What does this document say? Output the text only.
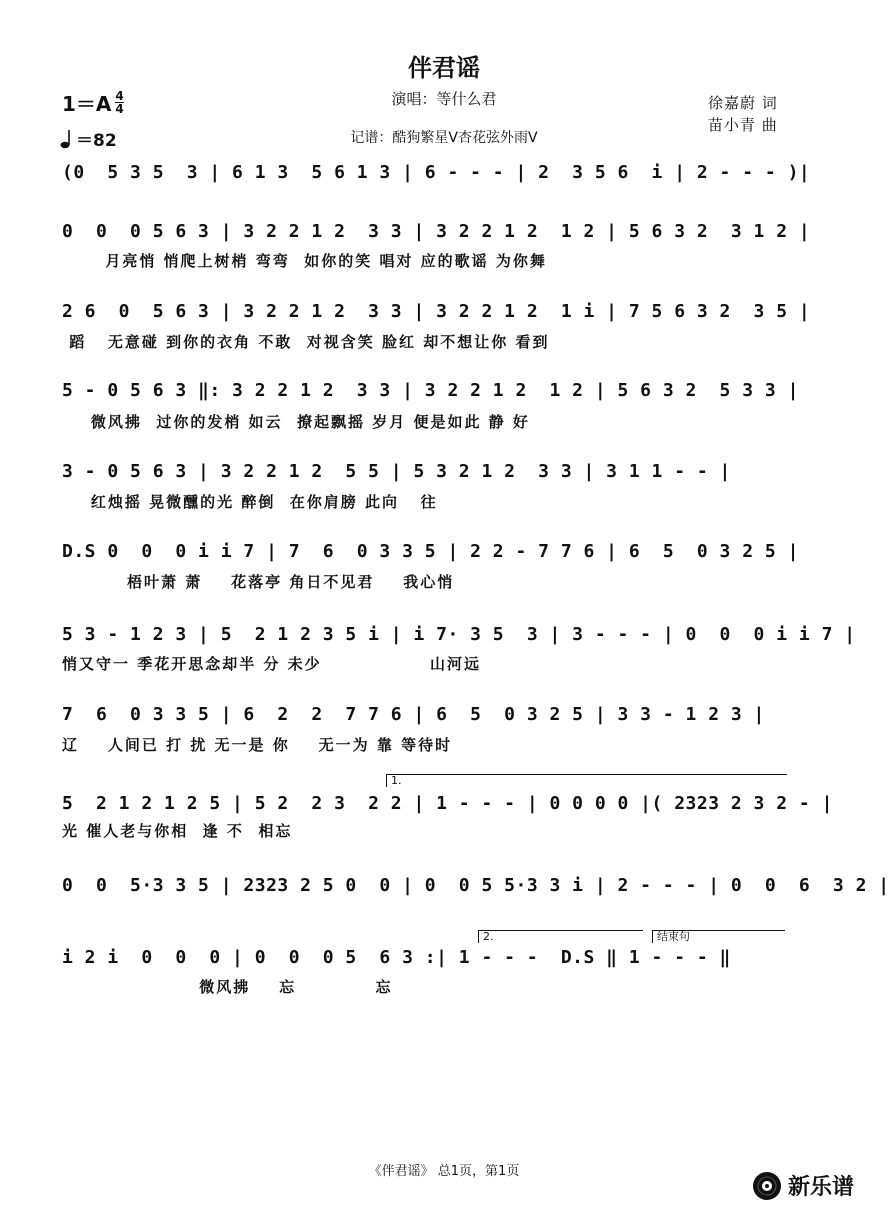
伴君谣
$1=A \frac{4}{4}$	演唱：等什么君	徐嘉蔚 词
苗小青 曲
＝82	记谱：酷狗繁星V杏花弦外雨V
(0  5 3 5  3 | 6 1 3  5 6 1 3 | 6 - - - | 2  3 5 6  i | 2 - - - )|
0  0  0 5 6 3 | 3 2 2 1 2  3 3 | 3 2 2 1 2  1 2 | 5 6 3 2  3 1 2 |
月亮悄 悄爬上树梢 弯弯  如你的笑 唱对 应的歌谣 为你舞
2 6  0  5 6 3 | 3 2 2 1 2  3 3 | 3 2 2 1 2  1 i | 7 5 6 3 2  3 5 |
蹈   无意碰 到你的衣角 不敢  对视含笑 脸红 却不想让你 看到
5 - 0 5 6 3 ‖: 3 2 2 1 2  3 3 | 3 2 2 1 2  1 2 | 5 6 3 2  5 3 3 |
微风拂  过你的发梢 如云  撩起飘摇 岁月 便是如此 静 好
3 - 0 5 6 3 | 3 2 2 1 2  5 5 | 5 3 2 1 2  3 3 | 3 1 1 - - |
红烛摇 晃微醺的光 醉倒  在你肩膀 此向   往
D.S 0  0  0 i i 7 | 7  6  0 3 3 5 | 2 2 - 7 7 6 | 6  5  0 3 2 5 |
梧叶萧 萧    花落亭 角日不见君    我心悄
5 3 - 1 2 3 | 5  2 1 2 3 5 i | i 7· 3 5  3 | 3 - - - | 0  0  0 i i 7 |
悄又守一 季花开思念却半 分 未少               山河远
7  6  0 3 3 5 | 6  2  2  7 7 6 | 6  5  0 3 2 5 | 3 3 - 1 2 3 |
辽    人间已 打 扰 无一是 你    无一为 靠 等待时
1.
5  2 1 2 1 2 5 | 5 2  2 3  2 2 | 1 - - - | 0 0 0 0 |( 2323 2 3 2 - |
光 催人老与你相  逢 不  相忘
0  0  5·3 3 5 | 2323 2 5 0  0 | 0  0 5 5·3 3 i | 2 - - - | 0  0  6  3 2 |
2.	结束句
i 2 i  0  0  0 | 0  0  0 5  6 3 :| 1 - - -  D.S ‖ 1 - - - ‖
微风拂    忘           忘
《伴君谣》 总1页，第1页
新乐谱
